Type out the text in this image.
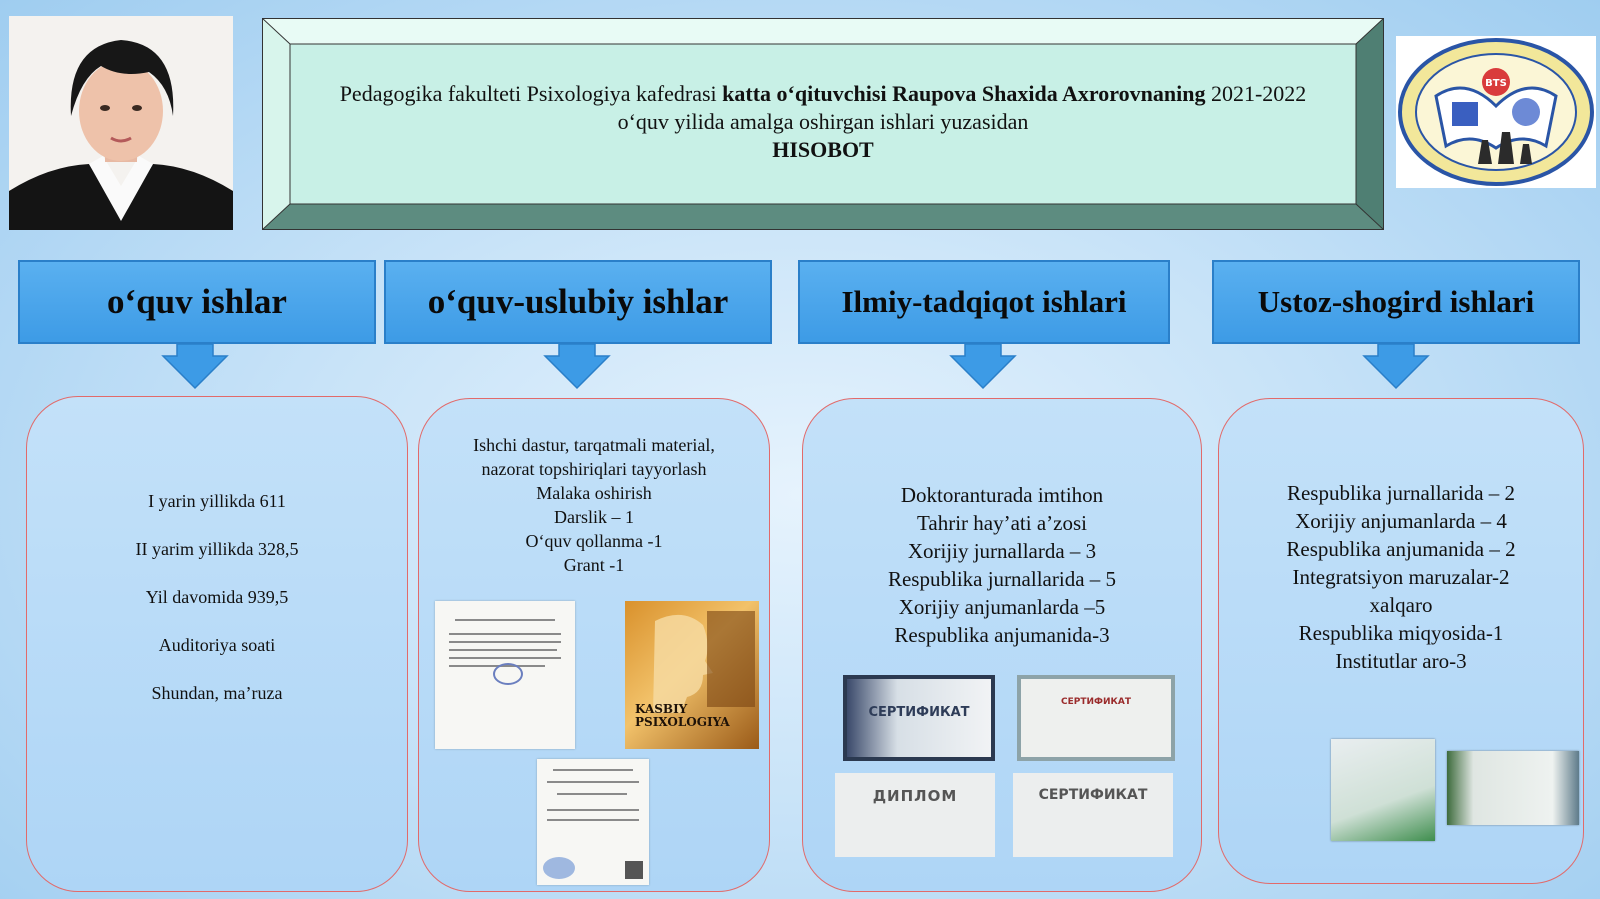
Pedagogika fakulteti Psixologiya kafedrasi katta o‘qituvchisi Raupova Shaxida Axrorovnaning 2021-2022
o‘quv yilida amalga oshirgan ishlari yuzasidan
HISOBOT
BTS
o‘quv ishlar	o‘quv-uslubiy ishlar	Ilmiy-tadqiqot ishlari	Ustoz-shogird ishlari
I yarin yillikda 611
II yarim yillikda 328,5
Yil davomida 939,5
Auditoriya soati
Shundan, ma’ruza
Ishchi dastur, tarqatmali material,
nazorat topshiriqlari tayyorlash
Malaka oshirish
Darslik – 1
O‘quv qollanma -1
Grant -1
KASBIY
PSIXOLOGIYA
Doktoranturada imtihon
Tahrir hay’ati a’zosi
Xorijiy jurnallarda – 3
Respublika jurnallarida – 5
Xorijiy anjumanlarda –5
Respublika anjumanida-3
СЕРТИФИКАТ
СЕРТИФИКАТ
ДИПЛОМ	СЕРТИФИКАТ
Respublika jurnallarida – 2
Xorijiy anjumanlarda – 4
Respublika anjumanida – 2
Integratsiyon maruzalar-2
xalqaro
Respublika miqyosida-1
Institutlar aro-3
